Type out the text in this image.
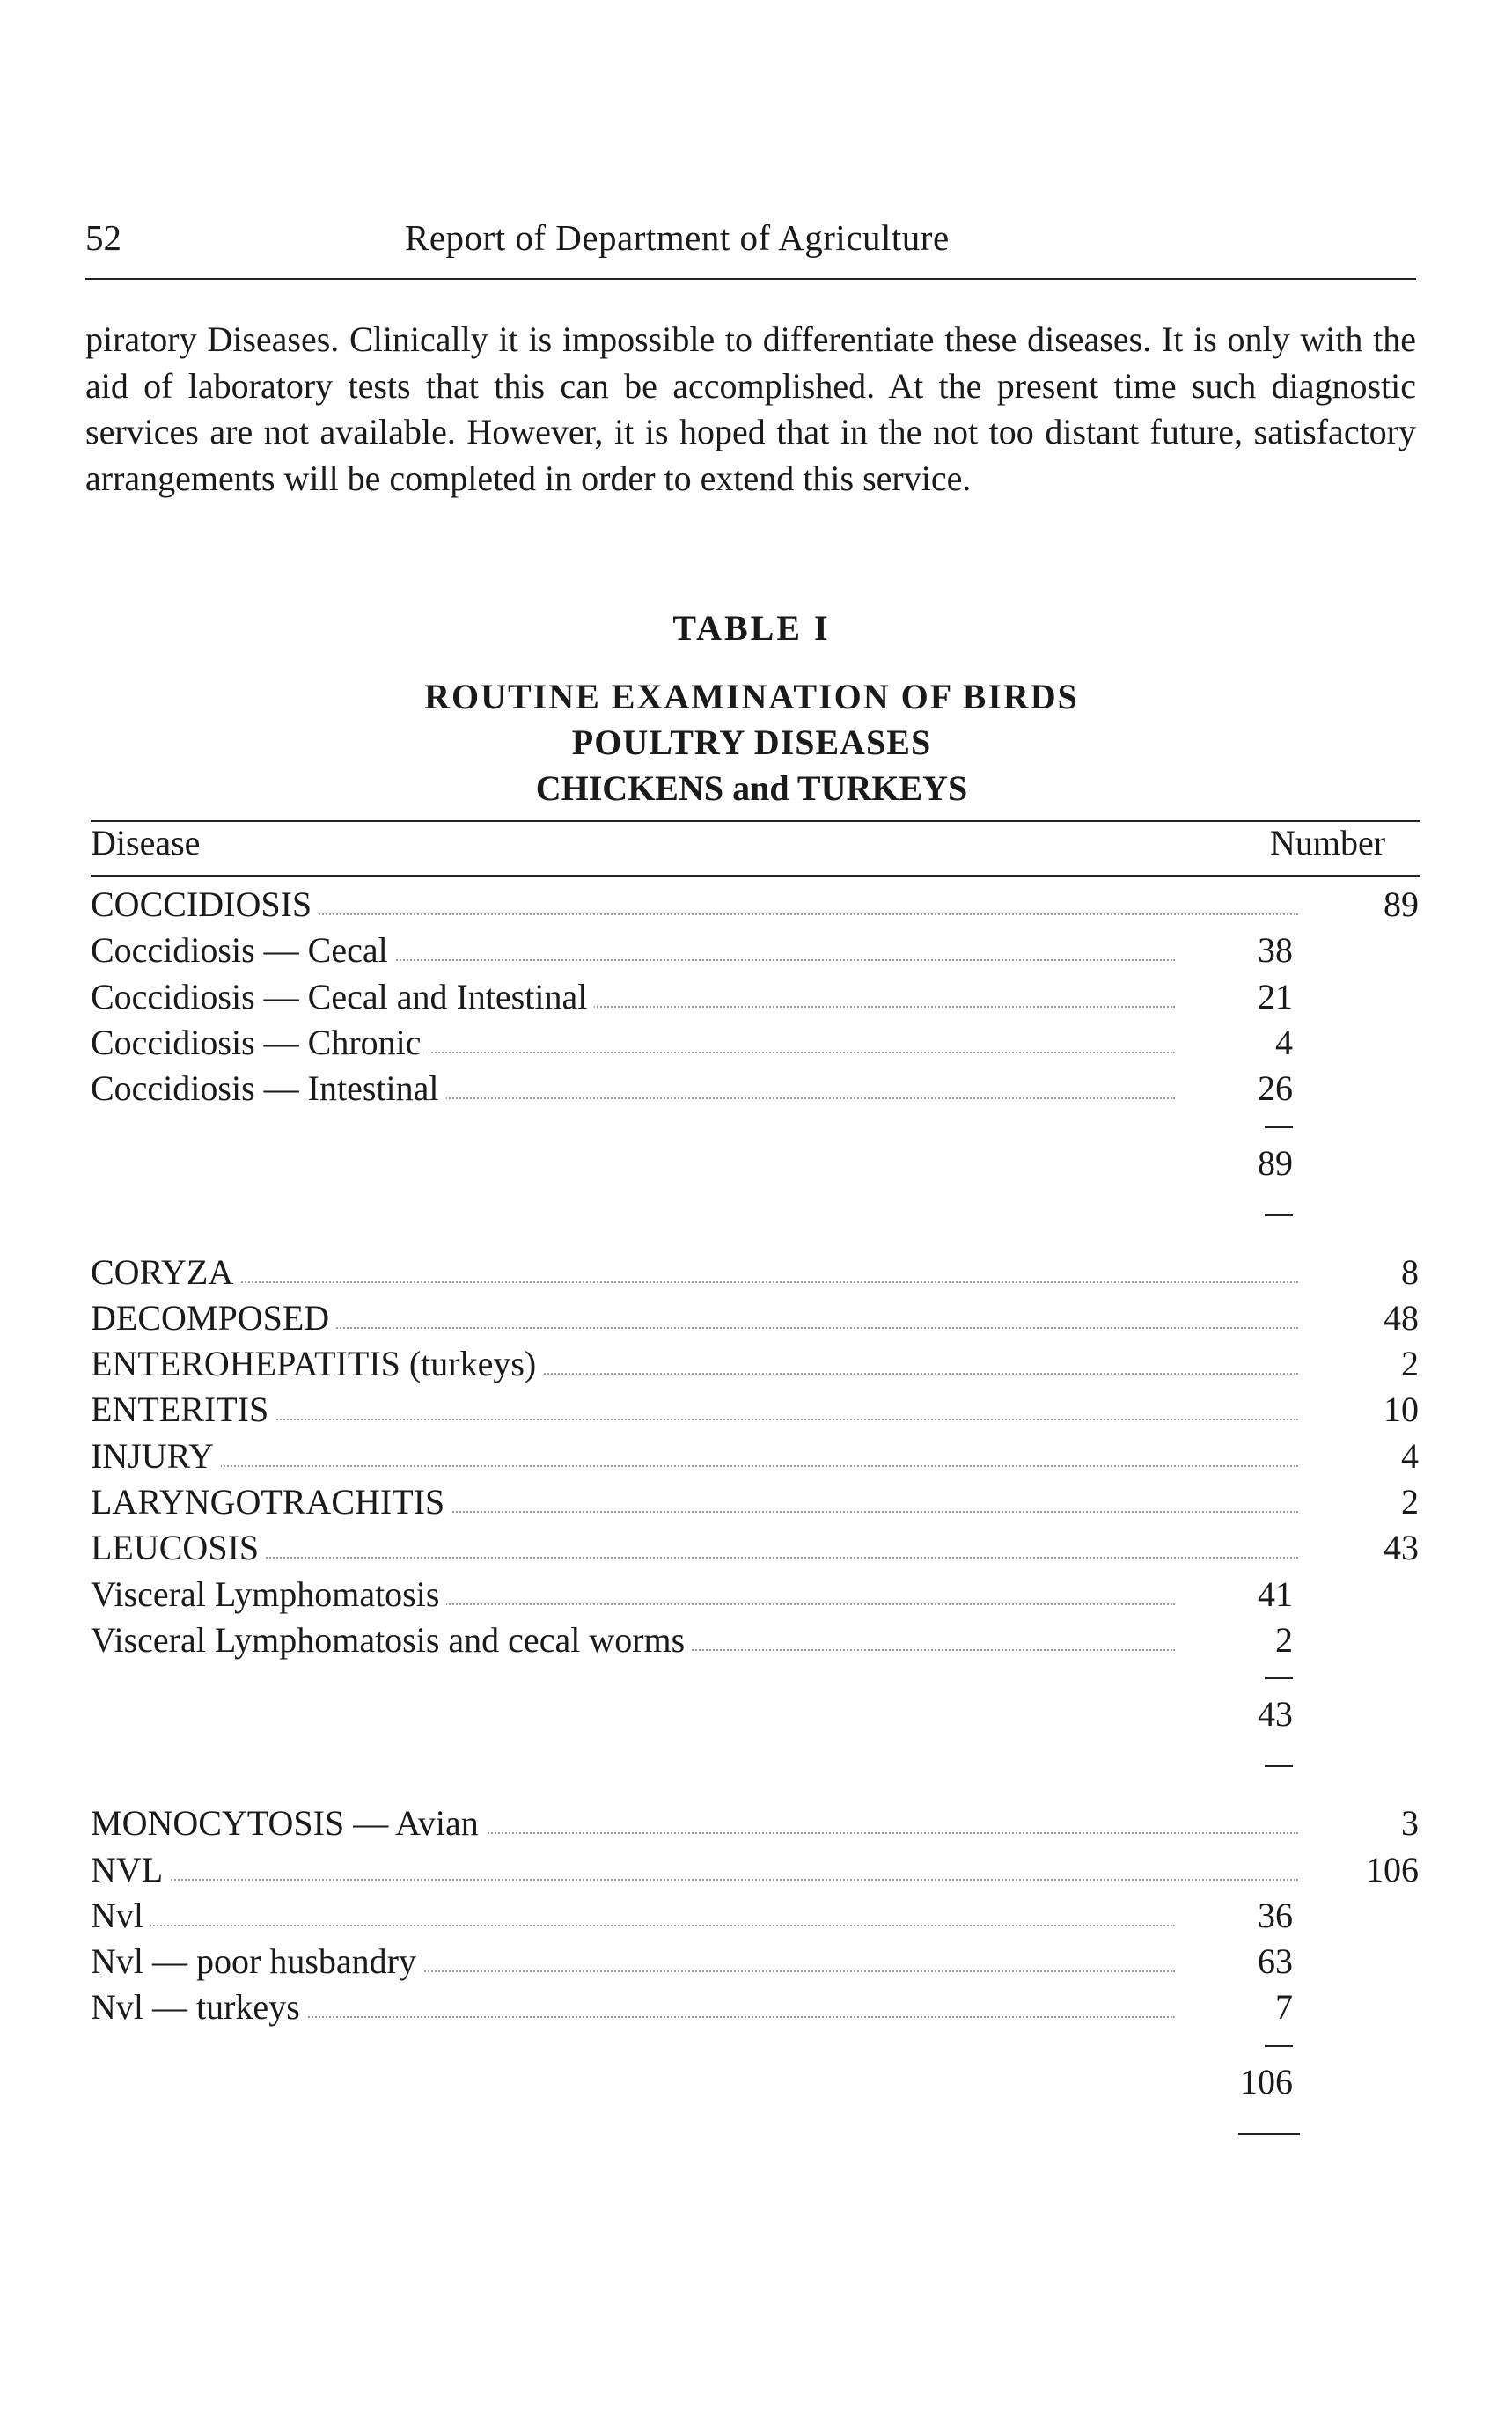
52	Report of Department of Agriculture
piratory Diseases. Clinically it is impossible to differentiate these diseases. It is only with the aid of laboratory tests that this can be accomplished. At the present time such diagnostic services are not available. However, it is hoped that in the not too distant future, satisfactory arrangements will be completed in order to extend this service.
TABLE I
ROUTINE EXAMINATION OF BIRDS
POULTRY DISEASES
CHICKENS and TURKEYS
Disease	Number
COCCIDIOSIS	89
Coccidiosis — Cecal	38
Coccidiosis — Cecal and Intestinal	21
Coccidiosis — Chronic	4
Coccidiosis — Intestinal	26
89
CORYZA	8
DECOMPOSED	48
ENTEROHEPATITIS (turkeys)	2
ENTERITIS	10
INJURY	4
LARYNGOTRACHITIS	2
LEUCOSIS	43
Visceral Lymphomatosis	41
Visceral Lymphomatosis and cecal worms	2
43
MONOCYTOSIS — Avian	3
NVL	106
Nvl	36
Nvl — poor husbandry	63
Nvl — turkeys	7
106
